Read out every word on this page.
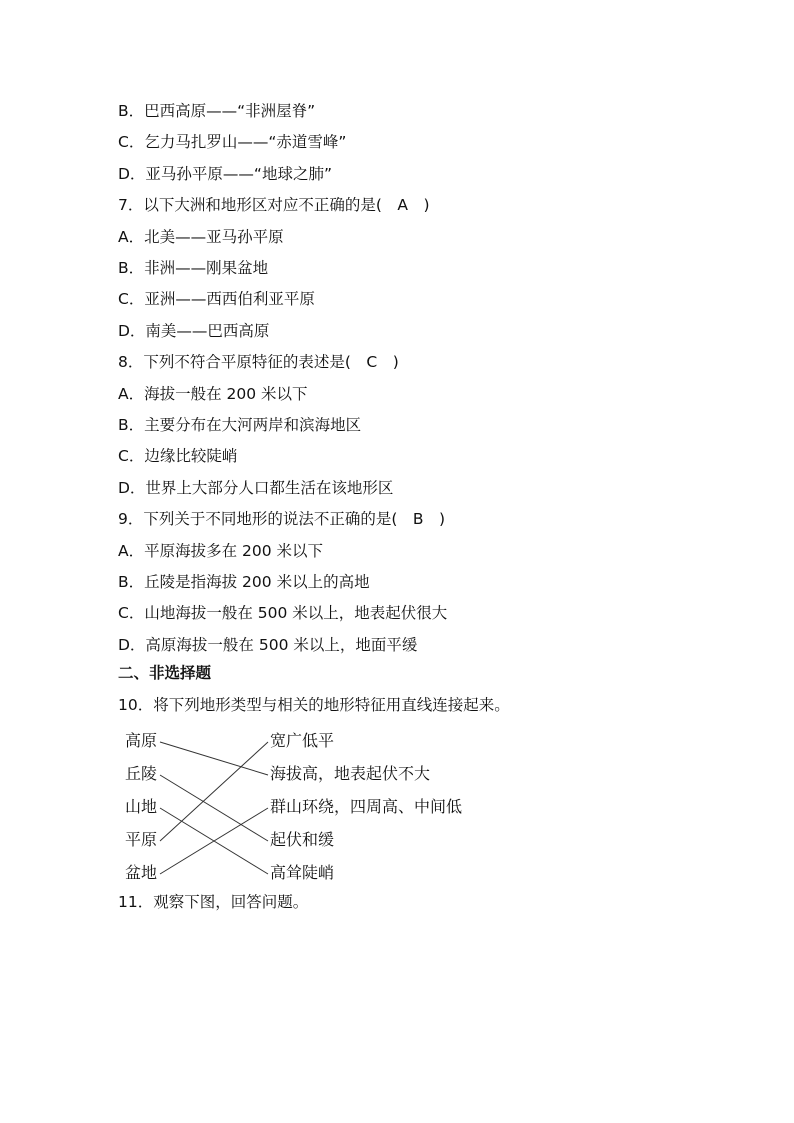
B．巴西高原——“非洲屋脊”
C．乞力马扎罗山——“赤道雪峰”
D．亚马孙平原——“地球之肺”
7．以下大洲和地形区对应不正确的是(　A　)
A．北美——亚马孙平原
B．非洲——刚果盆地
C．亚洲——西西伯利亚平原
D．南美——巴西高原
8．下列不符合平原特征的表述是(　C　)
A．海拔一般在 200 米以下
B．主要分布在大河两岸和滨海地区
C．边缘比较陡峭
D．世界上大部分人口都生活在该地形区
9．下列关于不同地形的说法不正确的是(　B　)
A．平原海拔多在 200 米以下
B．丘陵是指海拔 200 米以上的高地
C．山地海拔一般在 500 米以上，地表起伏很大
D．高原海拔一般在 500 米以上，地面平缓
二、非选择题
10．将下列地形类型与相关的地形特征用直线连接起来。
高原
丘陵
山地
平原
盆地
宽广低平
海拔高，地表起伏不大
群山环绕，四周高、中间低
起伏和缓
高耸陡峭
11．观察下图，回答问题。
